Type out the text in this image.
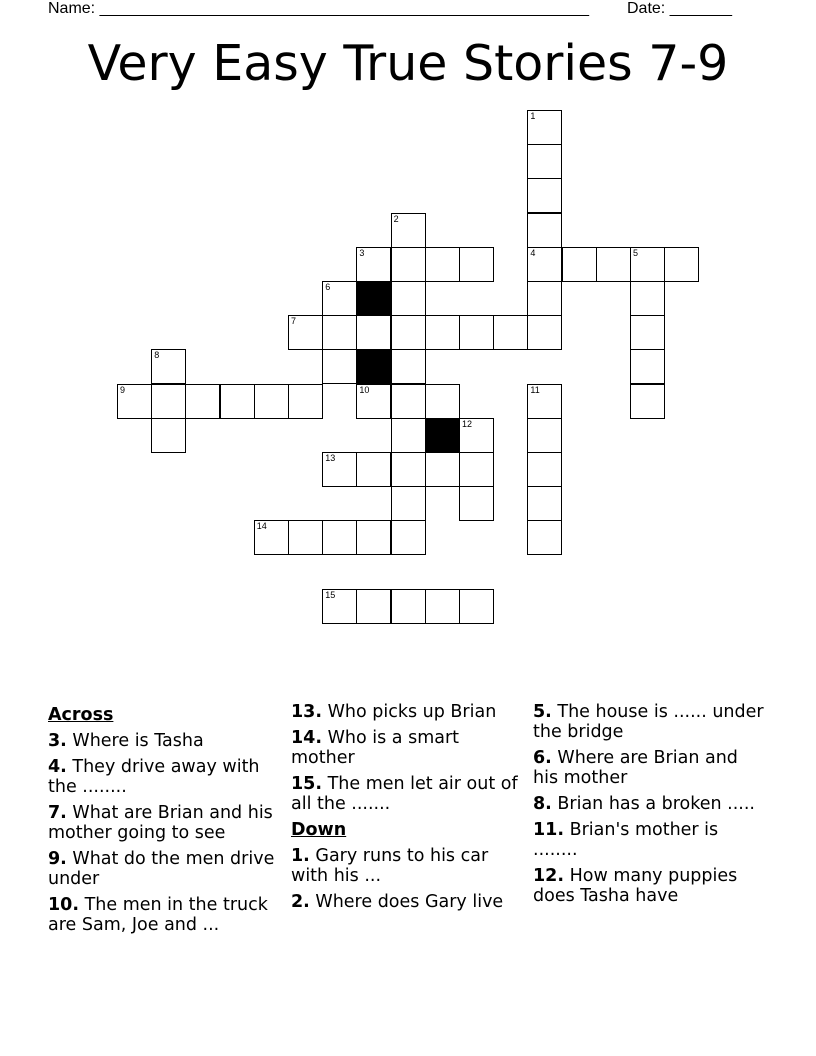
Name: _______________________________________________________ Date: _______
Very Easy True Stories 7-9
1
2
3	4	5
6
7
8
9	10	11
12
13
14
15
Across
3. Where is Tasha
4. They drive away with the ........
7. What are Brian and his mother going to see
9. What do the men drive under
10. The men in the truck are Sam, Joe and ...
13. Who picks up Brian
14. Who is a smart mother
15. The men let air out of all the .......
Down
1. Gary runs to his car with his ...
2. Where does Gary live
5. The house is ...... under the bridge
6. Where are Brian and his mother
8. Brian has a broken .....
11. Brian's mother is ........
12. How many puppies does Tasha have
